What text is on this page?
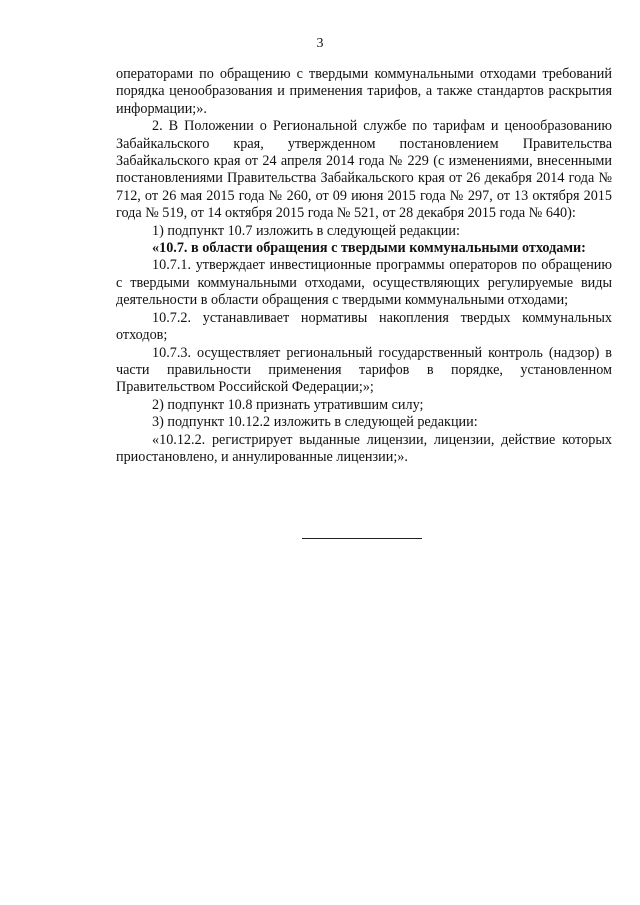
3

операторами по обращению с твердыми коммунальными отходами требований порядка ценообразования и применения тарифов, а также стандартов раскрытия информации;».

2. В Положении о Региональной службе по тарифам и ценообразованию Забайкальского края, утвержденном постановлением Правительства Забайкальского края от 24 апреля 2014 года № 229 (с изменениями, внесенными постановлениями Правительства Забайкальского края от 26 декабря 2014 года № 712, от 26 мая 2015 года № 260, от 09 июня 2015 года № 297, от 13 октября 2015 года № 519, от 14 октября 2015 года № 521, от 28 декабря 2015 года № 640):

1) подпункт 10.7 изложить в следующей редакции:

«10.7. в области обращения с твердыми коммунальными отходами:

10.7.1. утверждает инвестиционные программы операторов по обращению с твердыми коммунальными отходами, осуществляющих регулируемые виды деятельности в области обращения с твердыми коммунальными отходами;

10.7.2. устанавливает нормативы накопления твердых коммунальных отходов;

10.7.3. осуществляет региональный государственный контроль (надзор) в части правильности применения тарифов в порядке, установленном Правительством Российской Федерации;»;

2) подпункт 10.8 признать утратившим силу;

3) подпункт 10.12.2 изложить в следующей редакции:

«10.12.2. регистрирует выданные лицензии, лицензии, действие которых приостановлено, и аннулированные лицензии;».
